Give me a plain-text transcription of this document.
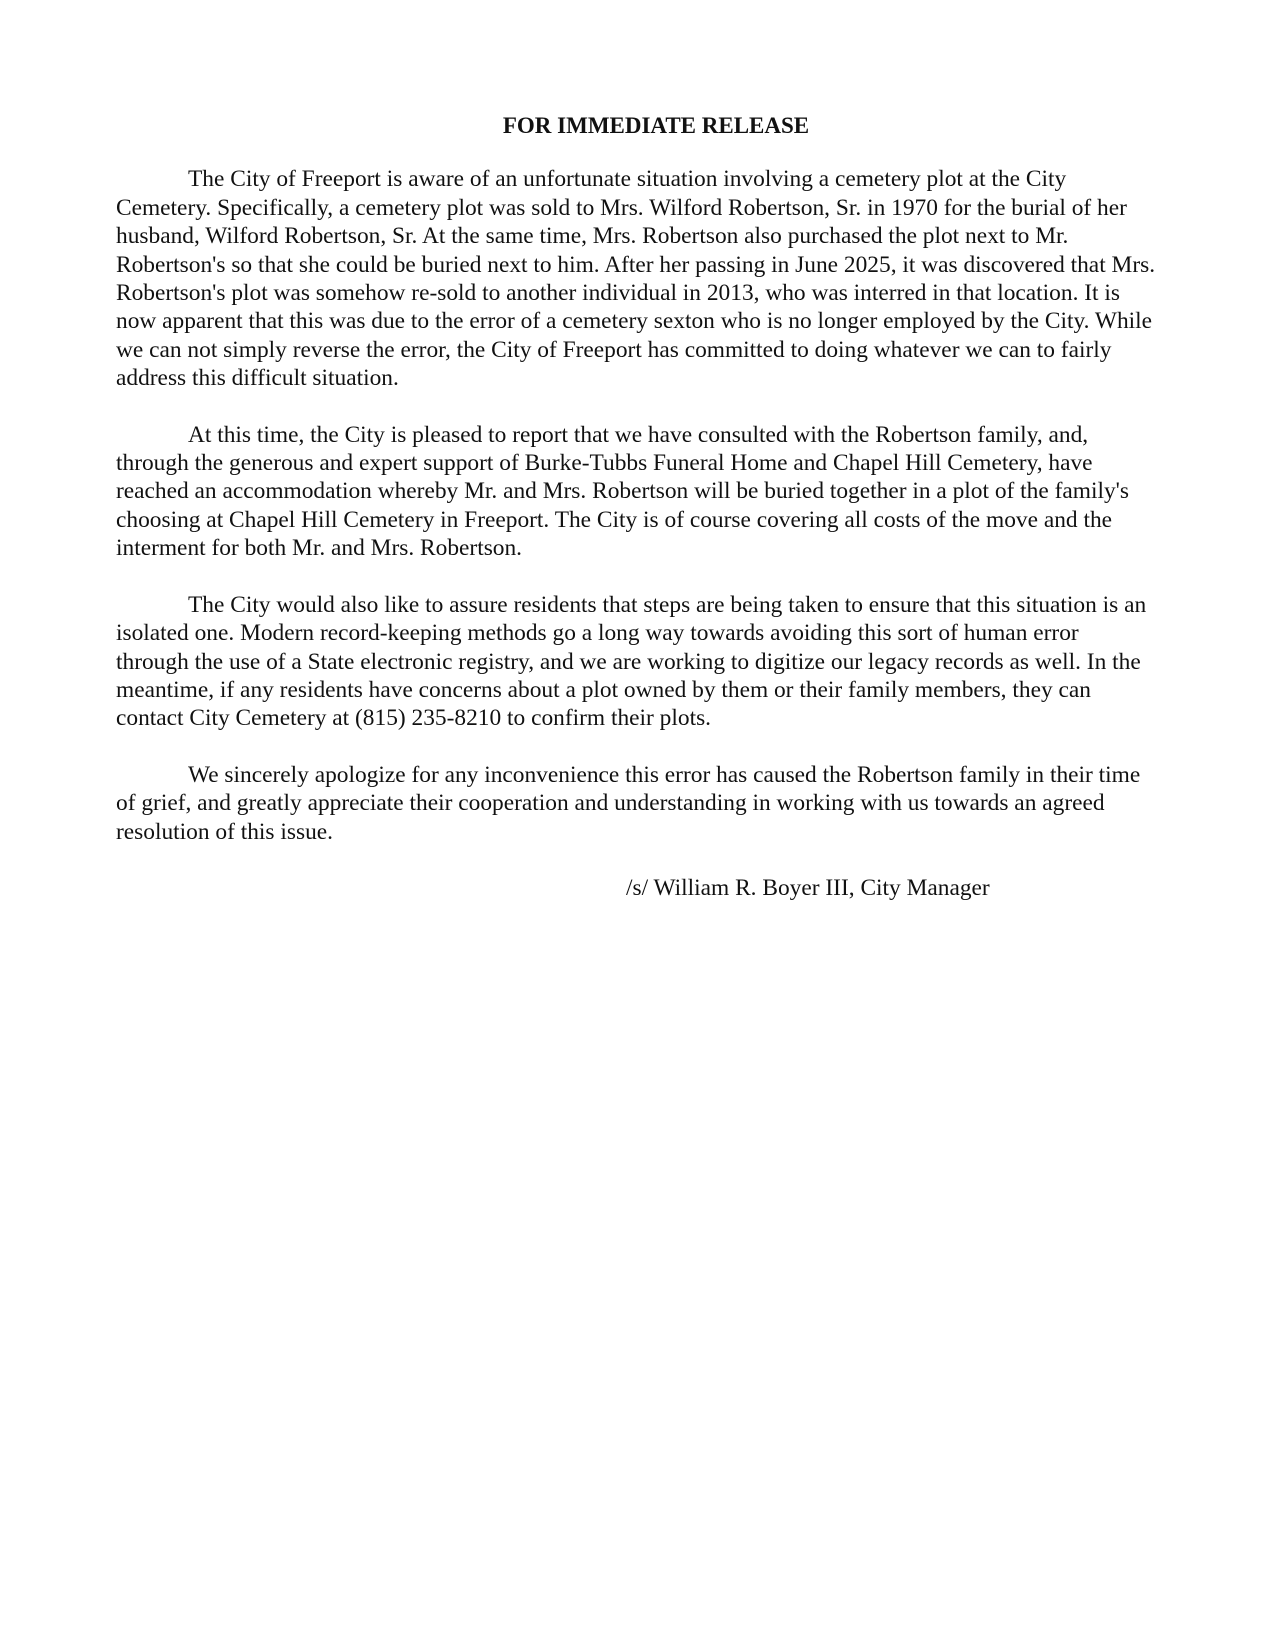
FOR IMMEDIATE RELEASE

The City of Freeport is aware of an unfortunate situation involving a cemetery plot at the City Cemetery. Specifically, a cemetery plot was sold to Mrs. Wilford Robertson, Sr. in 1970 for the burial of her husband, Wilford Robertson, Sr. At the same time, Mrs. Robertson also purchased the plot next to Mr. Robertson's so that she could be buried next to him. After her passing in June 2025, it was discovered that Mrs. Robertson's plot was somehow re-sold to another individual in 2013, who was interred in that location. It is now apparent that this was due to the error of a cemetery sexton who is no longer employed by the City. While we can not simply reverse the error, the City of Freeport has committed to doing whatever we can to fairly address this difficult situation.

At this time, the City is pleased to report that we have consulted with the Robertson family, and, through the generous and expert support of Burke-Tubbs Funeral Home and Chapel Hill Cemetery, have reached an accommodation whereby Mr. and Mrs. Robertson will be buried together in a plot of the family's choosing at Chapel Hill Cemetery in Freeport. The City is of course covering all costs of the move and the interment for both Mr. and Mrs. Robertson.

The City would also like to assure residents that steps are being taken to ensure that this situation is an isolated one. Modern record-keeping methods go a long way towards avoiding this sort of human error through the use of a State electronic registry, and we are working to digitize our legacy records as well. In the meantime, if any residents have concerns about a plot owned by them or their family members, they can contact City Cemetery at (815) 235-8210 to confirm their plots.

We sincerely apologize for any inconvenience this error has caused the Robertson family in their time of grief, and greatly appreciate their cooperation and understanding in working with us towards an agreed resolution of this issue.

/s/ William R. Boyer III, City Manager
